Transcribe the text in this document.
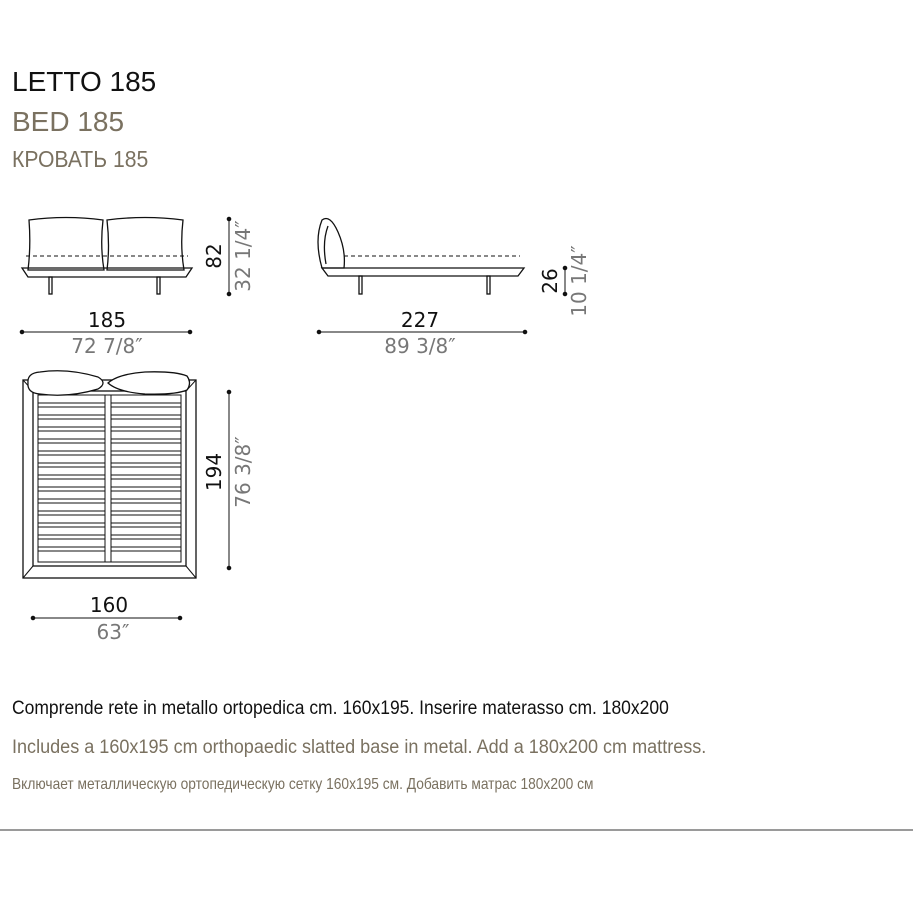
LETTO 185
BED 185
КРОВАТЬ 185
185
72 7/8″
82 32 1/4″
227
89 3/8″
26 10 1/4″
194 76 3/8″
160
63″

Comprende rete in metallo ortopedica cm. 160x195. Inserire materasso cm. 180x200

Includes a 160x195 cm orthopaedic slatted base in metal. Add a 180x200 cm mattress.

Включает металлическую ортопедическую сетку 160x195 см. Добавить матрас 180x200 см
